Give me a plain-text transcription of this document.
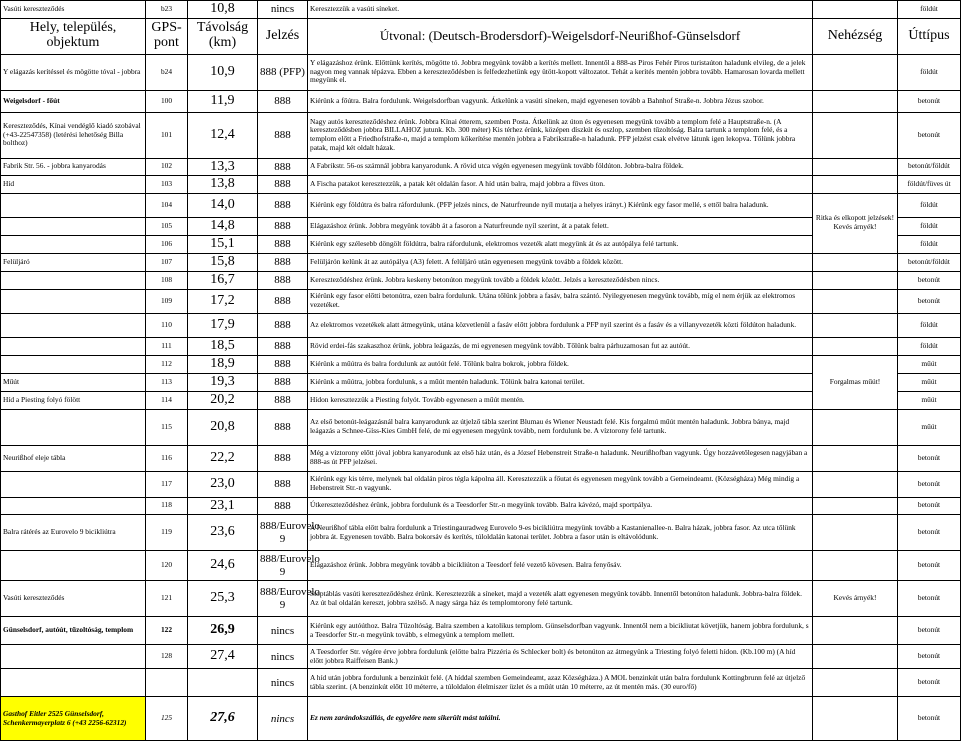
Vasúti kereszteződés	b23	10,8	nincs	Keresztezzük a vasúti síneket.		földút
Hely, település, objektum	GPS-pont	Távolság (km)	Jelzés	Útvonal: (Deutsch-Brodersdorf)-Weigelsdorf-Neurißhof-Günselsdorf	Nehézség	Úttípus
Y elágazás kerítéssel és mögötte tóval - jobbra	b24	10,9	888 (PFP)	Y elágazáshoz érünk. Előttünk kerítés, mögötte tó. Jobbra megyünk tovább a kerítés mellett. Innentől a 888-as Piros Fehér Piros turistaúton haladunk elvileg, de a jelek nagyon meg vannak tépázva. Ebben a kereszteződésben is felfedezhetünk egy ütött-kopott változatot. Tehát a kerítés mentén jobbra tovább. Hamarosan lovarda mellett megyünk el.		földút
Weigelsdorf - főút	100	11,9	888	Kiérünk a főútra. Balra fordulunk. Weigelsdorfban vagyunk. Átkelünk a vasúti síneken, majd egyenesen tovább a Bahnhof Straße-n. Jobbra Jézus szobor.		betonút
Kereszteződés, Kínai vendéglő kiadó szobával (+43-22547358) (letérési lehetőség Billa bolthoz)	101	12,4	888	Nagy autós kereszteződéshez érünk. Jobbra Kínai étterem, szemben Posta. Átkelünk az úton és egyenesen megyünk tovább a templom felé a Hauptstraße-n. (A kereszteződésben jobbra BILLAHOZ jutunk. Kb. 300 méter) Kis térhez érünk, középen díszkút és oszlop, szemben tűzoltóság. Balra tartunk a templom felé, és a templom előtt a Friedhofstraße-n, majd a templom kőkerítése mentén jobbra a Fabrikstraße-n haladunk. PFP jelzést csak elvétve látunk igen lekopva. Tőlünk jobbra patak, majd két oldalt házak.		betonút
Fabrik Str. 56. - jobbra kanyarodás	102	13,3	888	A Fabrikstr. 56-os számnál jobbra kanyarodunk. A rövid utca végén egyenesen megyünk tovább földúton. Jobbra-balra földek.		betonút/földút
Híd	103	13,8	888	A Fischa patakot keresztezzük, a patak két oldalán fasor. A híd után balra, majd jobbra a fűves úton.		földút/füves út
	104	14,0	888	Kiérünk egy földútra és balra ráfordulunk. (PFP jelzés nincs, de Naturfreunde nyíl mutatja a helyes irányt.) Kiérünk egy fasor mellé, s ettől balra haladunk.	Ritka és elkopott jelzések! Kevés árnyék!	földút
	105	14,8	888	Elágazáshoz érünk. Jobbra megyünk tovább át a fasoron a Naturfreunde nyíl szerint, át a patak felett.		földút
	106	15,1	888	Kiérünk egy szélesebb döngölt földútra, balra ráfordulunk, elektromos vezeték alatt megyünk át és az autópálya felé tartunk.		földút
Felüljáró	107	15,8	888	Felüljárón kelünk át az autópálya (A3) felett. A felüljáró után egyenesen megyünk tovább a földek között.		betonút/földút
	108	16,7	888	Kereszteződéshez érünk. Jobbra keskeny betonúton megyünk tovább a földek között. Jelzés a kereszteződésben nincs.		betonút
	109	17,2	888	Kiérünk egy fasor előtti betonútra, ezen balra fordulunk. Utána tőlünk jobbra a fasáv, balra szántó. Nyilegyenesen megyünk tovább, míg el nem érjük az elektromos vezetéket.		betonút
	110	17,9	888	Az elektromos vezetékek alatt átmegyünk, utána közvetlenül a fasáv előtt jobbra fordulunk a PFP nyíl szerint és a fasáv és a villanyvezeték közti földúton haladunk.		földút
	111	18,5	888	Rövid erdei-fás szakaszhoz érünk, jobbra leágazás, de mi egyenesen megyünk tovább. Tőlünk balra párhuzamosan fut az autóút.		földút
	112	18,9	888	Kiérünk a műútra és balra fordulunk az autóút felé. Tőlünk balra bokrok, jobbra földek.	Forgalmas műút!	műút
Műút	113	19,3	888	Kiérünk a műútra, jobbra fordulunk, s a műút mentén haladunk. Tőlünk balra katonai terület.		műút
Híd a Piesting folyó fölött	114	20,2	888	Hídon keresztezzük a Piesting folyót. Tovább egyenesen a műút mentén.		műút
	115	20,8	888	Az első betonút-leágazásnál balra kanyarodunk az útjelző tábla szerint Blumau és Wiener Neustadt felé. Kis forgalmú műút mentén haladunk. Jobbra bánya, majd leágazás a Schnee-Gíss-Kies GmbH felé, de mi egyenesen megyünk tovább, nem fordulunk be. A víztorony felé tartunk.		műút
Neurißhof eleje tábla	116	22,2	888	Még a víztorony előtt jóval jobbra kanyarodunk az első ház után, és a József Hebenstreit Straße-n haladunk. Neurißhofban vagyunk. Úgy hozzávetőlegesen nagyjában a 888-as út PFP jelzései.		betonút
	117	23,0	888	Kiérünk egy kis térre, melynek bal oldalán piros tégla kápolna áll. Keresztezzük a főutat és egyenesen megyünk tovább a Gemeindeamt. (Községháza) Még mindig a Hebenstreit Str.-n vagyunk.		betonút
	118	23,1	888	Útkereszteződéshez érünk, jobbra fordulunk és a Teesdorfer Str.-n megyünk tovább. Balra kávézó, majd sportpálya.		betonút
Balra rátérés az Eurovelo 9 bicikliútra	119	23,6	888/Eurovelo 9	A Neurißhof tábla előtt balra fordulunk a Triestingauradweg Eurovelo 9-es bicikliútra megyünk tovább a Kastanienallee-n. Balra házak, jobbra fasor. Az utca tőlünk jobbra át. Egyenesen tovább. Balra bokorsáv és kerítés, túloldalán katonai terület. Jobbra a fasor után is eltávolódunk.		betonút
	120	24,6	888/Eurovelo 9	Elágazáshoz érünk. Jobbra megyünk tovább a bicikliúton a Teesdorf felé vezető kövesen. Balra fenyősáv.		betonút
Vasúti kereszteződés	121	25,3	888/Eurovelo 9	Stoptáblás vasúti kereszteződéshez érünk. Keresztezzük a síneket, majd a vezeték alatt egyenesen megyünk tovább. Innentől betonúton haladunk. Jobbra-balra földek. Az út bal oldalán kereszt, jobbra szélső. A nagy sárga ház és templomtorony felé tartunk.	Kevés árnyék!	betonút
Günselsdorf, autóút, tűzoltóság, templom	122	26,9	nincs	Kiérünk egy autóúthoz. Balra Tűzoltóság. Balra szemben a katolikus templom. Günselsdorfban vagyunk. Innentől nem a bicikliutat követjük, hanem jobbra fordulunk, s a Teesdorfer Str.-n megyünk tovább, s elmegyünk a templom mellett.		betonút
	128	27,4	nincs	A Teesdorfer Str. végére érve jobbra fordulunk (előtte balra Pizzéria és Schlecker bolt) és betonúton az átmegyünk a Triesting folyó feletti hídon. (Kb.100 m) (A híd előtt jobbra Raiffeisen Bank.)		betonút
			nincs	A híd után jobbra fordulunk a benzinkút felé. (A híddal szemben Gemeindeamt, azaz Községháza.) A MOL benzinkút után balra fordulunk Kottingbrunn felé az útjelző tábla szerint. (A benzinkút előtt 10 méterre, a túloldalon élelmiszer üzlet és a műút után 10 méterre, az út mentén más. (30 euro/fő)		betonút
Gasthof Eitler 2525 Günselsdorf, Schenkermayerplatz 6 (+43 2256-62312)	125	27,6	nincs	Ez nem zarándokszállás, de egyelőre nem sikerült mást találni.		betonút
